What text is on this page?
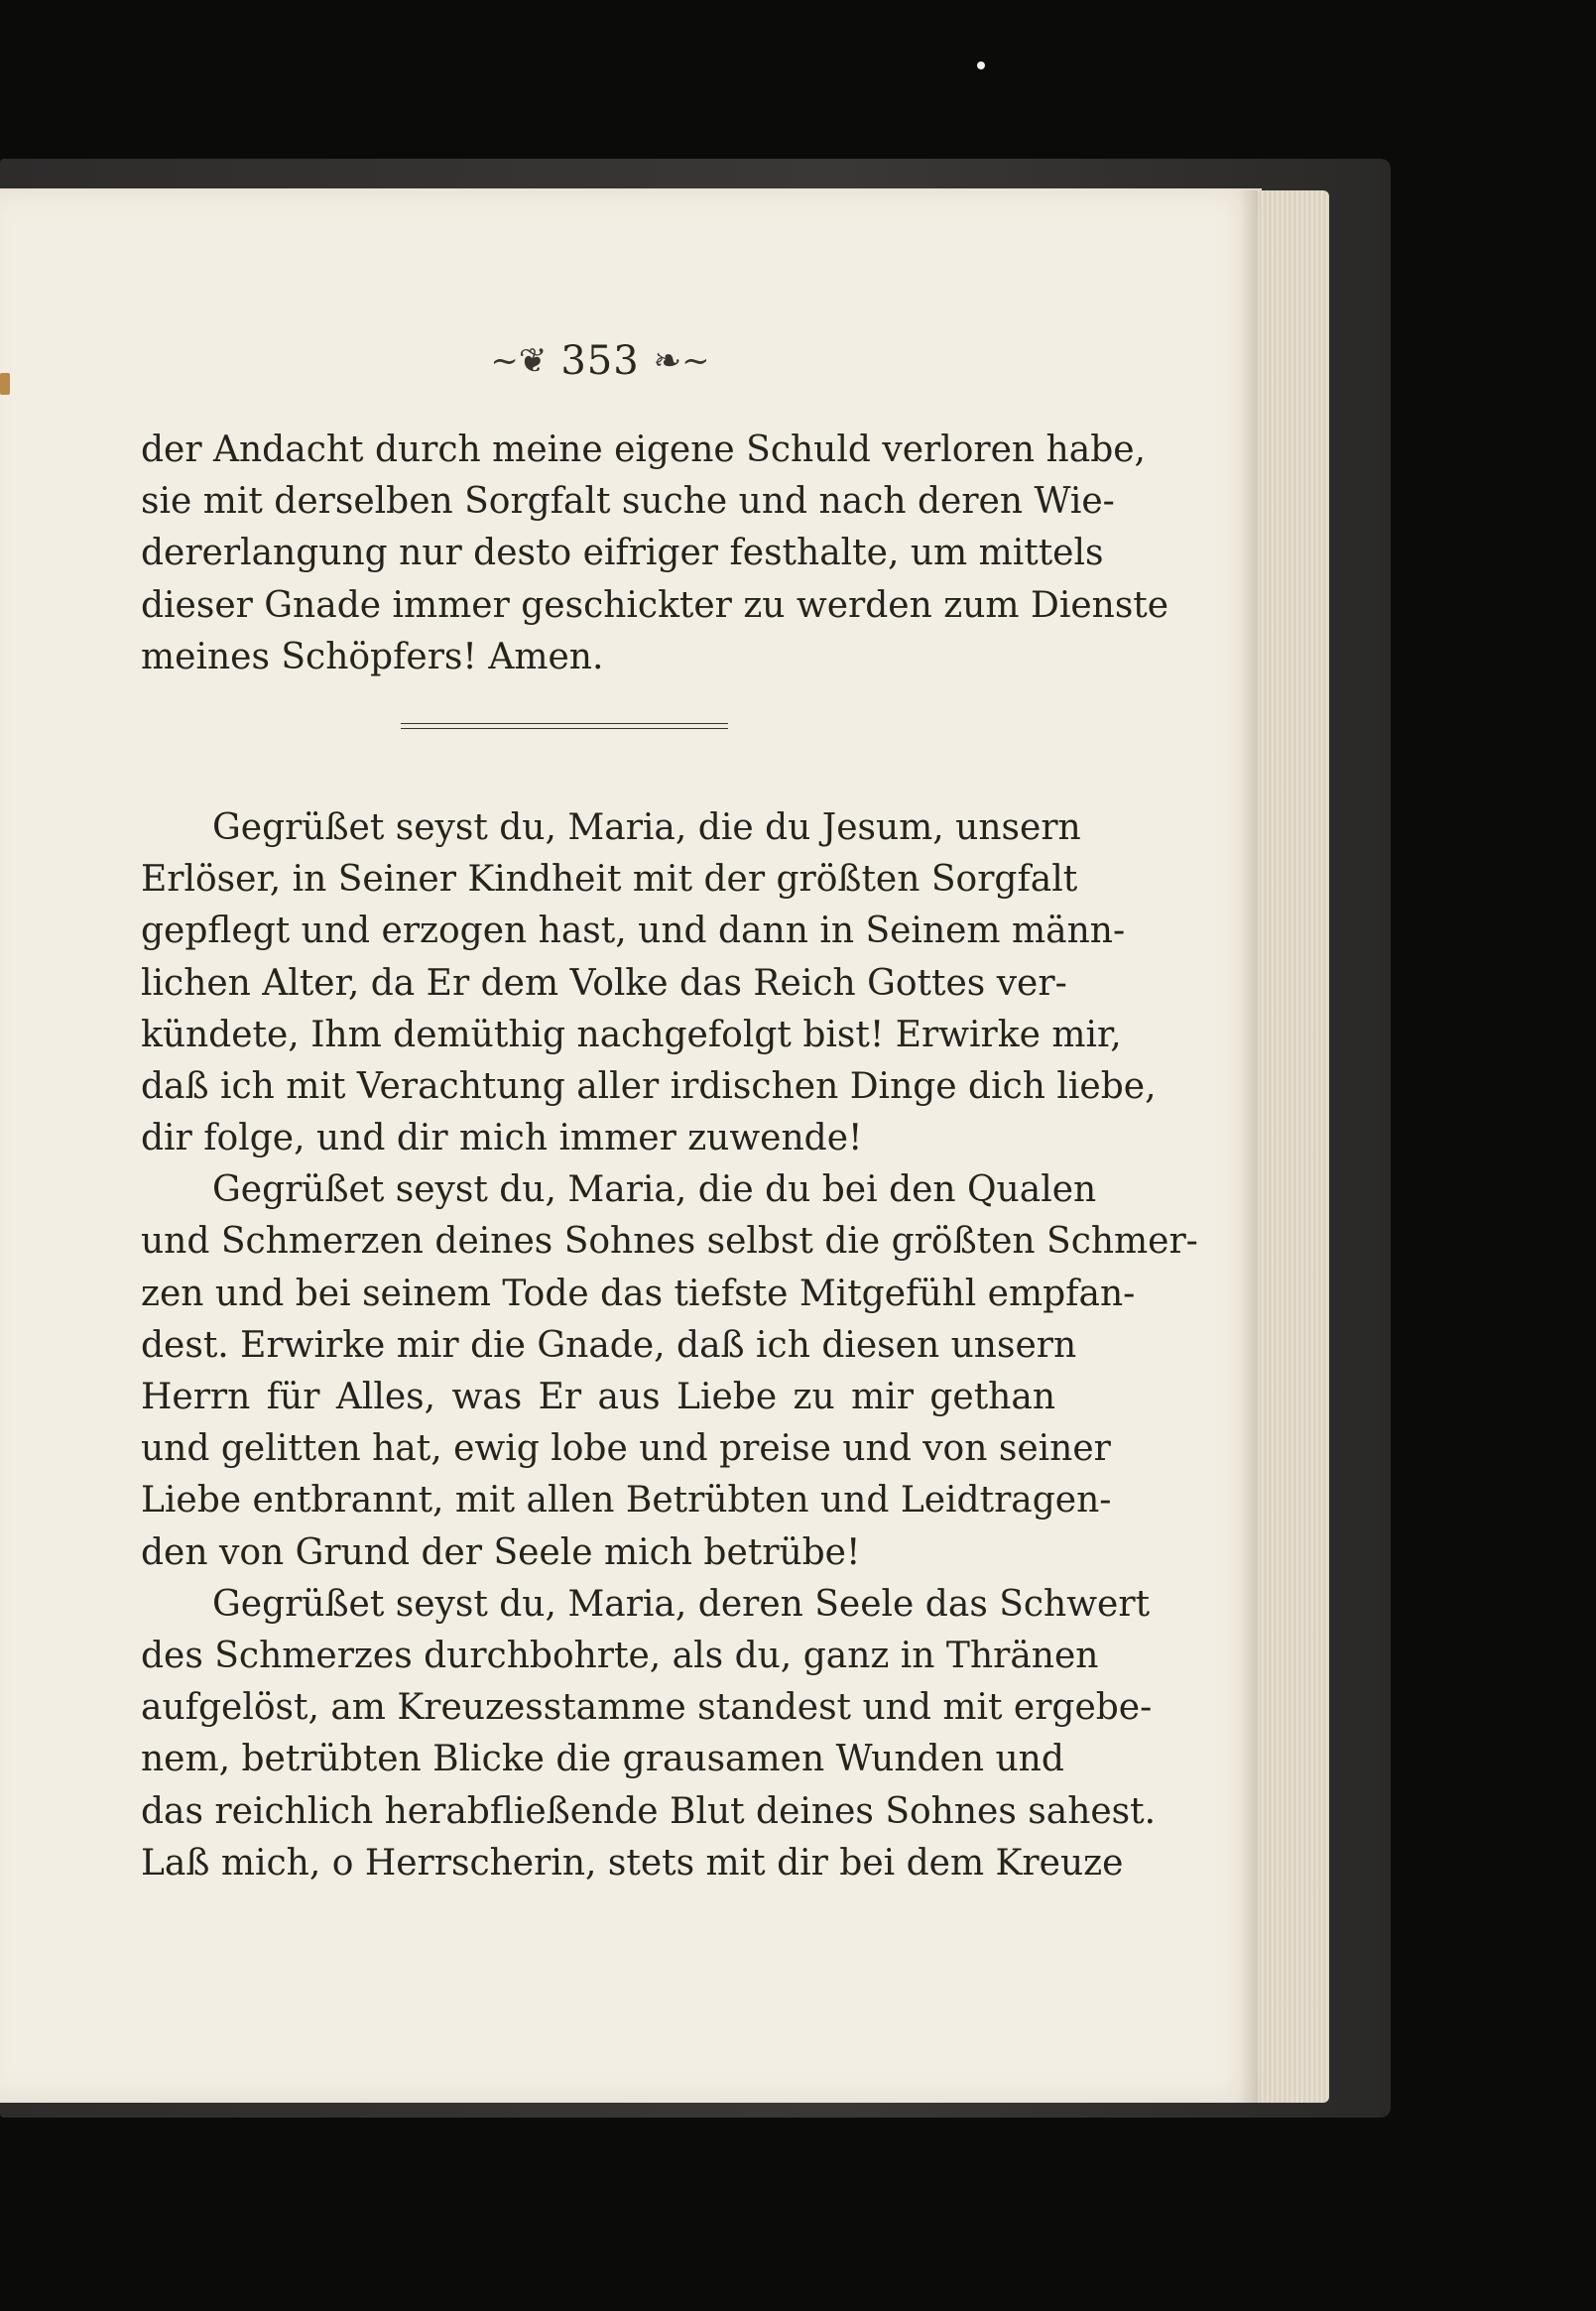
~❦ 353 ❧~
der Andacht durch meine eigene Schuld verloren habe,
sie mit derselben Sorgfalt suche und nach deren Wie-
dererlangung nur desto eifriger festhalte, um mittels
dieser Gnade immer geschickter zu werden zum Dienste
meines Schöpfers! Amen.
Gegrüßet seyst du, Maria, die du Jesum, unsern
Erlöser, in Seiner Kindheit mit der größten Sorgfalt
gepflegt und erzogen hast, und dann in Seinem männ-
lichen Alter, da Er dem Volke das Reich Gottes ver-
kündete, Ihm demüthig nachgefolgt bist! Erwirke mir,
daß ich mit Verachtung aller irdischen Dinge dich liebe,
dir folge, und dir mich immer zuwende!
Gegrüßet seyst du, Maria, die du bei den Qualen
und Schmerzen deines Sohnes selbst die größten Schmer-
zen und bei seinem Tode das tiefste Mitgefühl empfan-
dest. Erwirke mir die Gnade, daß ich diesen unsern
Herrn für Alles, was Er aus Liebe zu mir gethan
und gelitten hat, ewig lobe und preise und von seiner
Liebe entbrannt, mit allen Betrübten und Leidtragen-
den von Grund der Seele mich betrübe!
Gegrüßet seyst du, Maria, deren Seele das Schwert
des Schmerzes durchbohrte, als du, ganz in Thränen
aufgelöst, am Kreuzesstamme standest und mit ergebe-
nem, betrübten Blicke die grausamen Wunden und
das reichlich herabfließende Blut deines Sohnes sahest.
Laß mich, o Herrscherin, stets mit dir bei dem Kreuze
